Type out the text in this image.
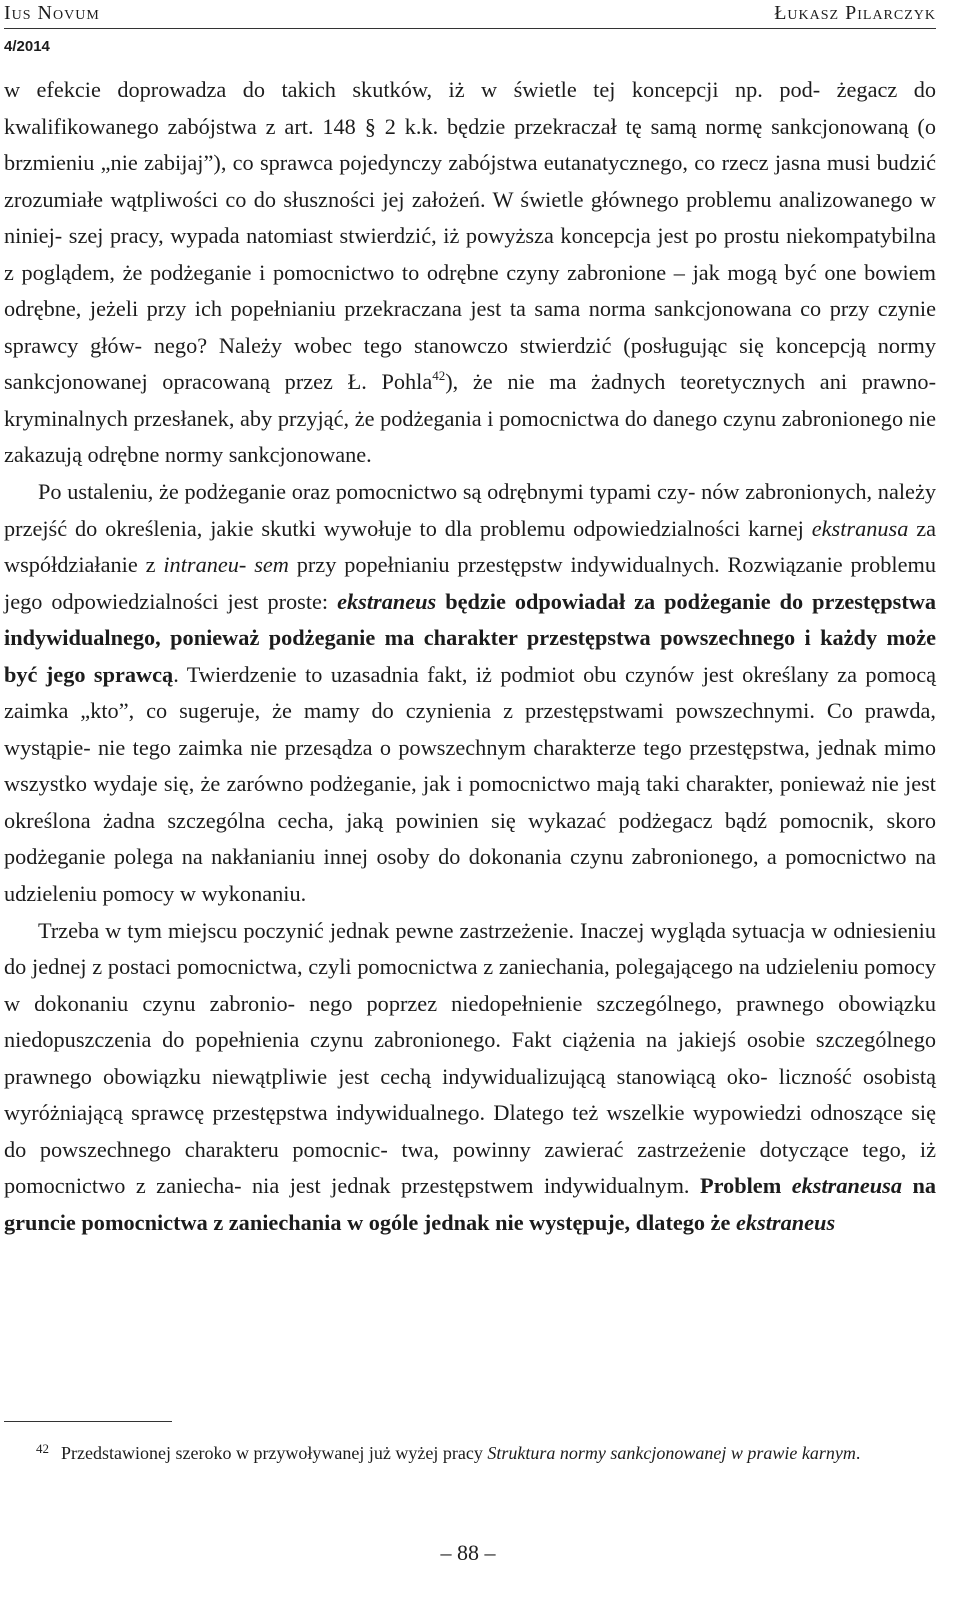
Ius Novum	Łukasz Pilarczyk
4/2014

w efekcie doprowadza do takich skutków, iż w świetle tej koncepcji np. pod- żegacz do kwalifikowanego zabójstwa z art. 148 § 2 k.k. będzie przekraczał tę samą normę sankcjonowaną (o brzmieniu „nie zabijaj”), co sprawca pojedynczy zabójstwa eutanatycznego, co rzecz jasna musi budzić zrozumiałe wątpliwości co do słuszności jej założeń. W świetle głównego problemu analizowanego w niniej- szej pracy, wypada natomiast stwierdzić, iż powyższa koncepcja jest po prostu niekompatybilna z poglądem, że podżeganie i pomocnictwo to odrębne czyny zabronione – jak mogą być one bowiem odrębne, jeżeli przy ich popełnianiu przekraczana jest ta sama norma sankcjonowana co przy czynie sprawcy głów- nego? Należy wobec tego stanowczo stwierdzić (posługując się koncepcją normy sankcjonowanej opracowaną przez Ł. Pohla$^{42}$), że nie ma żadnych teoretycznych ani prawno-kryminalnych przesłanek, aby przyjąć, że podżegania i pomocnictwa do danego czynu zabronionego nie zakazują odrębne normy sankcjonowane.

Po ustaleniu, że podżeganie oraz pomocnictwo są odrębnymi typami czy- nów zabronionych, należy przejść do określenia, jakie skutki wywołuje to dla problemu odpowiedzialności karnej ekstranusa za współdziałanie z intraneu- sem przy popełnianiu przestępstw indywidualnych. Rozwiązanie problemu jego odpowiedzialności jest proste: ekstraneus będzie odpowiadał za podżeganie do przestępstwa indywidualnego, ponieważ podżeganie ma charakter przestępstwa powszechnego i każdy może być jego sprawcą. Twierdzenie to uzasadnia fakt, iż podmiot obu czynów jest określany za pomocą zaimka „kto”, co sugeruje, że mamy do czynienia z przestępstwami powszechnymi. Co prawda, wystąpie- nie tego zaimka nie przesądza o powszechnym charakterze tego przestępstwa, jednak mimo wszystko wydaje się, że zarówno podżeganie, jak i pomocnictwo mają taki charakter, ponieważ nie jest określona żadna szczególna cecha, jaką powinien się wykazać podżegacz bądź pomocnik, skoro podżeganie polega na nakłanianiu innej osoby do dokonania czynu zabronionego, a pomocnictwo na udzieleniu pomocy w wykonaniu.

Trzeba w tym miejscu poczynić jednak pewne zastrzeżenie. Inaczej wygląda sytuacja w odniesieniu do jednej z postaci pomocnictwa, czyli pomocnictwa z zaniechania, polegającego na udzieleniu pomocy w dokonaniu czynu zabronio- nego poprzez niedopełnienie szczególnego, prawnego obowiązku niedopuszczenia do popełnienia czynu zabronionego. Fakt ciążenia na jakiejś osobie szczególnego prawnego obowiązku niewątpliwie jest cechą indywidualizującą stanowiącą oko- liczność osobistą wyróżniającą sprawcę przestępstwa indywidualnego. Dlatego też wszelkie wypowiedzi odnoszące się do powszechnego charakteru pomocnic- twa, powinny zawierać zastrzeżenie dotyczące tego, iż pomocnictwo z zaniecha- nia jest jednak przestępstwem indywidualnym. Problem ekstraneusa na gruncie pomocnictwa z zaniechania w ogóle jednak nie występuje, dlatego że ekstraneus

$^{42}$ Przedstawionej szeroko w przywoływanej już wyżej pracy Struktura normy sankcjonowanej w prawie karnym.
– 88 –
